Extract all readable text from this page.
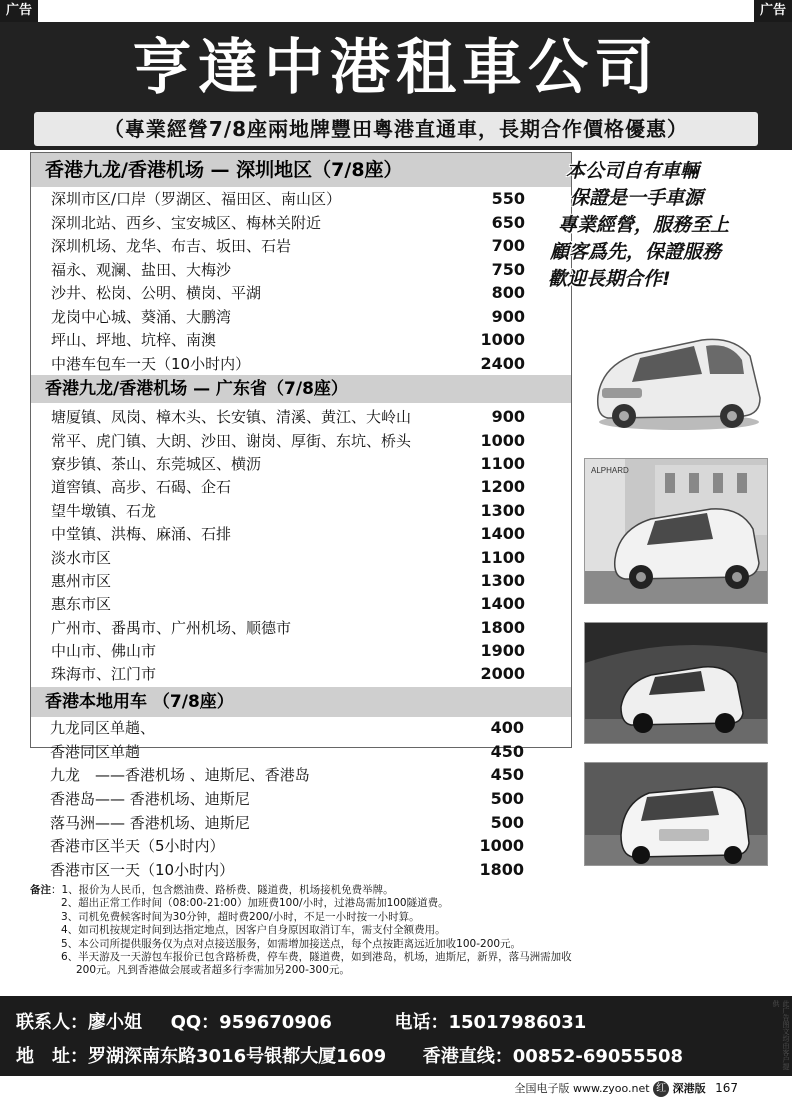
广告	广告
亨達中港租車公司
（專業經營7/8座兩地牌豐田粵港直通車，長期合作價格優惠）
香港九龙/香港机场 — 深圳地区（7/8座）
深圳市区/口岸（罗湖区、福田区、南山区）	550
深圳北站、西乡、宝安城区、梅林关附近	650
深圳机场、龙华、布吉、坂田、石岩	700
福永、观澜、盐田、大梅沙	750
沙井、松岗、公明、横岗、平湖	800
龙岗中心城、葵涌、大鹏湾	900
坪山、坪地、坑梓、南澳	1000
中港车包车一天（10小时内）	2400
香港九龙/香港机场 — 广东省（7/8座）
塘厦镇、凤岗、樟木头、长安镇、清溪、黄江、大岭山	900
常平、虎门镇、大朗、沙田、谢岗、厚街、东坑、桥头	1000
寮步镇、茶山、东莞城区、横沥	1100
道窖镇、高步、石碣、企石	1200
望牛墩镇、石龙	1300
中堂镇、洪梅、麻涌、石排	1400
淡水市区	1100
惠州市区	1300
惠东市区	1400
广州市、番禺市、广州机场、顺德市	1800
中山市、佛山市	1900
珠海市、江门市	2000
香港本地用车 （7/8座）
九龙同区单趟、	400
香港同区单趟	450
九龙　——香港机场 、迪斯尼、香港岛	450
香港岛—— 香港机场、迪斯尼	500
落马洲—— 香港机场、迪斯尼	500
香港市区半天（5小时内）	1000
香港市区一天（10小时内）	1800
本公司自有車輛
保證是一手車源
專業經營，服務至上
顧客爲先，保證服務
歡迎長期合作!
ALPHARD
备注：1、报价为人民币，包含燃油费、路桥费、隧道费，机场接机免费举牌。
2、超出正常工作时间（08:00-21:00）加班费100/小时，过港岛需加100隧道费。
3、司机免费候客时间为30分钟，超时费200/小时，不足一小时按一小时算。
4、如司机按规定时间到达指定地点，因客户自身原因取消订车，需支付全额费用。
5、本公司所提供服务仅为点对点接送服务，如需增加接送点，每个点按距离远近加收100-200元。
6、半天游及一天游包车报价已包含路桥费，停车费，隧道费，如到港岛，机场，迪斯尼，新界，落马洲需加收
200元。凡到香港做会展或者超多行李需加另200-300元。
联系人：廖小姐 QQ：959670906	电话：15017986031
地　址：罗湖深南东路3016号银都大厦1609 香港直线：00852-69055508	此广告图文均由客户提供
全国电子版 www.zyoo.net 红 深港版 167
